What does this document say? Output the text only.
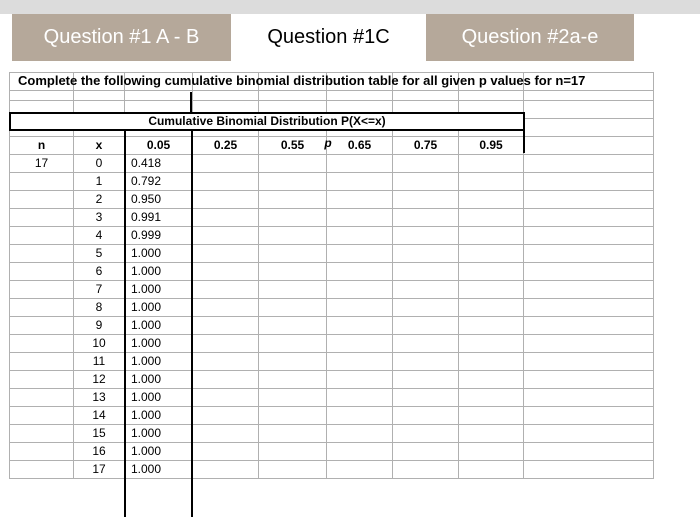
Question #1 A - B	Question #1C	Question #2a-e

n	x	0.05	0.25	0.55	0.65	0.75	0.95	
17	0	0.418						
	1	0.792						
	2	0.950						
	3	0.991						
	4	0.999						
	5	1.000						
	6	1.000						
	7	1.000						
	8	1.000						
	9	1.000						
	10	1.000						
	11	1.000						
	12	1.000						
	13	1.000						
	14	1.000						
	15	1.000						
	16	1.000						
	17	1.000						
Complete the following cumulative binomial distribution table for all given p values for n=17
Cumulative Binomial Distribution P(X<=x)
p
